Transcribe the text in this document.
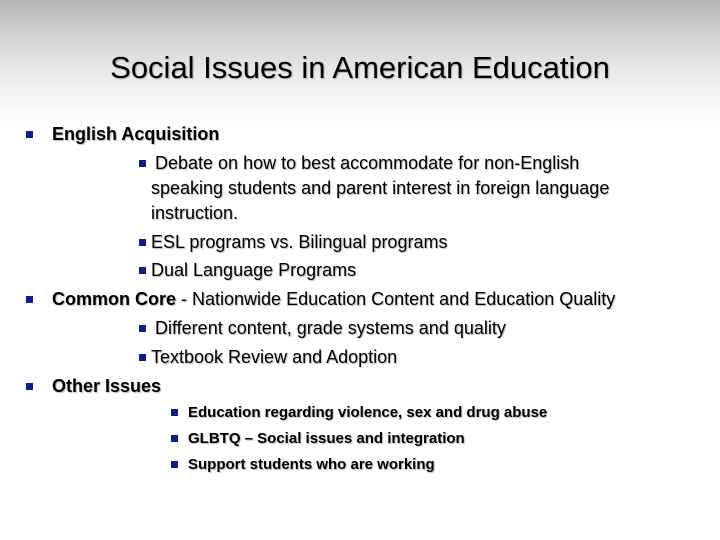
Social Issues in American Education
English Acquisition
Debate on how to best accommodate for non-English
speaking students and parent interest in foreign language
instruction.
ESL programs vs. Bilingual programs
Dual Language Programs
Common Core - Nationwide Education Content and Education Quality
Different content, grade systems and quality
Textbook Review and Adoption
Other Issues
Education regarding violence, sex and drug abuse
GLBTQ – Social issues and integration
Support students who are working
